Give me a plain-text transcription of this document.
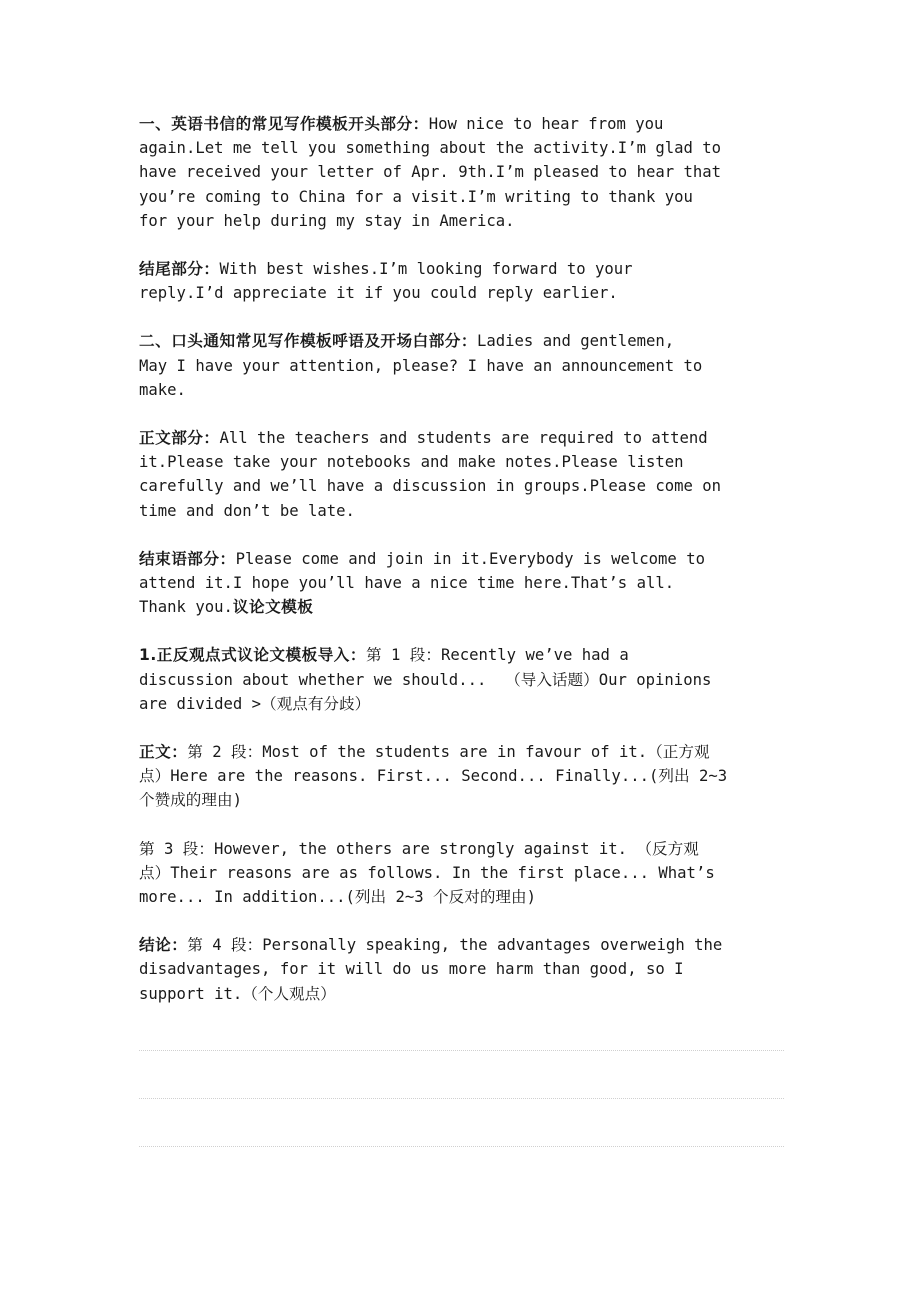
一、英语书信的常见写作模板开头部分：How nice to hear from you
again.Let me tell you something about the activity.I’m glad to
have received your letter of Apr. 9th.I’m pleased to hear that
you’re coming to China for a visit.I’m writing to thank you
for your help during my stay in America.
结尾部分：With best wishes.I’m looking forward to your
reply.I’d appreciate it if you could reply earlier.
二、口头通知常见写作模板呼语及开场白部分：Ladies and gentlemen,
May I have your attention, please? I have an announcement to
make.
正文部分：All the teachers and students are required to attend
it.Please take your notebooks and make notes.Please listen
carefully and we’ll have a discussion in groups.Please come on
time and don’t be late.
结束语部分：Please come and join in it.Everybody is welcome to
attend it.I hope you’ll have a nice time here.That’s all.
Thank you.议论文模板
1.正反观点式议论文模板导入：第 1 段：Recently we’ve had a
discussion about whether we should...  （导入话题）Our opinions
are divided >（观点有分歧）
正文：第 2 段：Most of the students are in favour of it.（正方观
点）Here are the reasons. First... Second... Finally...(列出 2~3
个赞成的理由)
第 3 段：However, the others are strongly against it. （反方观
点）Their reasons are as follows. In the first place... What’s
more... In addition...(列出 2~3 个反对的理由)
结论：第 4 段：Personally speaking, the advantages overweigh the
disadvantages, for it will do us more harm than good, so I
support it.（个人观点）
